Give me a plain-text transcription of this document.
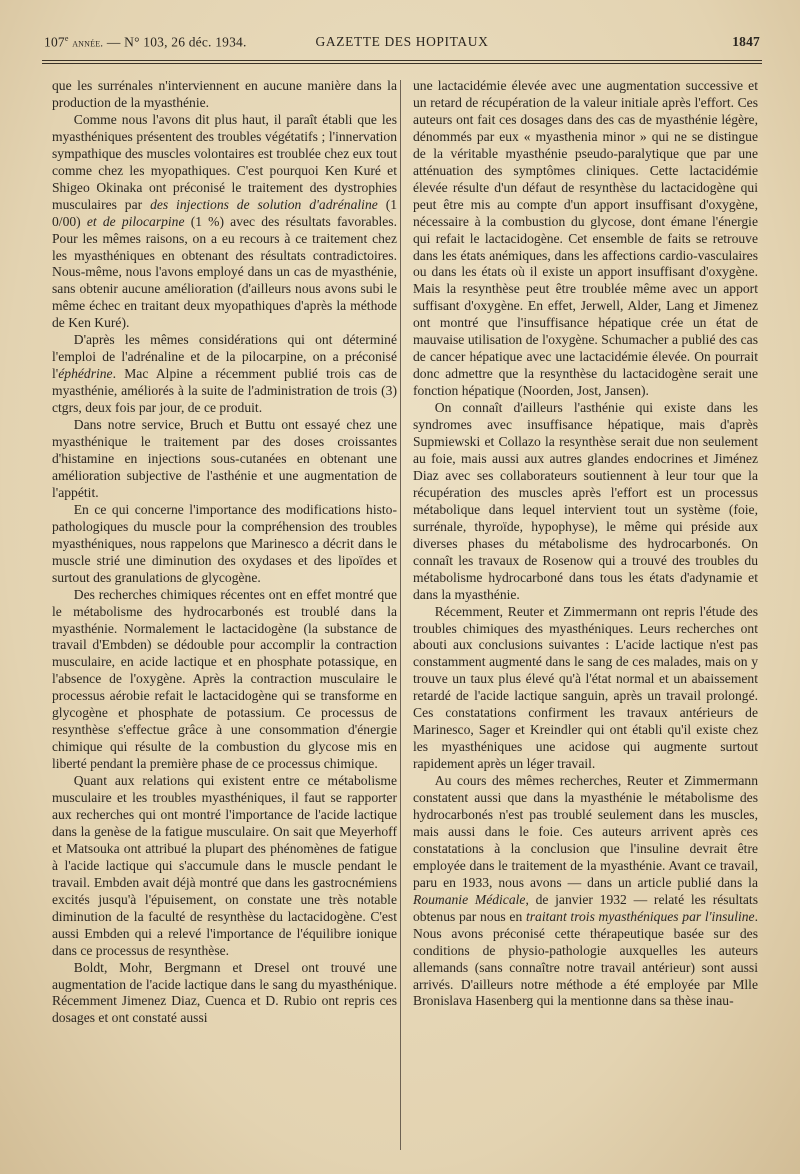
107e année. — N° 103, 26 déc. 1934.	GAZETTE DES HOPITAUX	1847

que les surrénales n'interviennent en aucune manière dans la production de la myasthénie.

Comme nous l'avons dit plus haut, il paraît établi que les myasthéniques présentent des troubles végétatifs ; l'innervation sympathique des muscles volontaires est troublée chez eux tout comme chez les myopathiques. C'est pourquoi Ken Kuré et Shigeo Okinaka ont préconisé le traitement des dystrophies musculaires par des injections de solution d'adrénaline (1 0/00) et de pilocarpine (1 %) avec des résultats favorables. Pour les mêmes raisons, on a eu recours à ce traitement chez les myasthéniques en obtenant des résultats contradictoires. Nous-même, nous l'avons employé dans un cas de myasthénie, sans obtenir aucune amélioration (d'ailleurs nous avons subi le même échec en traitant deux myopathiques d'après la méthode de Ken Kuré).

D'après les mêmes considérations qui ont déterminé l'emploi de l'adrénaline et de la pilocarpine, on a préconisé l'éphédrine. Mac Alpine a récemment publié trois cas de myasthénie, améliorés à la suite de l'administration de trois (3) ctgrs, deux fois par jour, de ce produit.

Dans notre service, Bruch et Buttu ont essayé chez une myasthénique le traitement par des doses croissantes d'histamine en injections sous-cutanées en obtenant une amélioration subjective de l'asthénie et une augmentation de l'appétit.

En ce qui concerne l'importance des modifications histo-pathologiques du muscle pour la compréhension des troubles myasthéniques, nous rappelons que Marinesco a décrit dans le muscle strié une diminution des oxydases et des lipoïdes et surtout des granulations de glycogène.

Des recherches chimiques récentes ont en effet montré que le métabolisme des hydrocarbonés est troublé dans la myasthénie. Normalement le lactacidogène (la substance de travail d'Embden) se dédouble pour accomplir la contraction musculaire, en acide lactique et en phosphate potassique, en l'absence de l'oxygène. Après la contraction musculaire le processus aérobie refait le lactacidogène qui se transforme en glycogène et phosphate de potassium. Ce processus de resynthèse s'effectue grâce à une consommation d'énergie chimique qui résulte de la combustion du glycose mis en liberté pendant la première phase de ce processus chimique.

Quant aux relations qui existent entre ce métabolisme musculaire et les troubles myasthéniques, il faut se rapporter aux recherches qui ont montré l'importance de l'acide lactique dans la genèse de la fatigue musculaire. On sait que Meyerhoff et Matsouka ont attribué la plupart des phénomènes de fatigue à l'acide lactique qui s'accumule dans le muscle pendant le travail. Embden avait déjà montré que dans les gastrocnémiens excités jusqu'à l'épuisement, on constate une très notable diminution de la faculté de resynthèse du lactacidogène. C'est aussi Embden qui a relevé l'importance de l'équilibre ionique dans ce processus de resynthèse.

Boldt, Mohr, Bergmann et Dresel ont trouvé une augmentation de l'acide lactique dans le sang du myasthénique. Récemment Jimenez Diaz, Cuenca et D. Rubio ont repris ces dosages et ont constaté aussi

une lactacidémie élevée avec une augmentation successive et un retard de récupération de la valeur initiale après l'effort. Ces auteurs ont fait ces dosages dans des cas de myasthénie légère, dénommés par eux « myasthenia minor » qui ne se distingue de la véritable myasthénie pseudo-paralytique que par une atténuation des symptômes cliniques. Cette lactacidémie élevée résulte d'un défaut de resynthèse du lactacidogène qui peut être mis au compte d'un apport insuffisant d'oxygène, nécessaire à la combustion du glycose, dont émane l'énergie qui refait le lactacidogène. Cet ensemble de faits se retrouve dans les états anémiques, dans les affections cardio-vasculaires ou dans les états où il existe un apport insuffisant d'oxygène. Mais la resynthèse peut être troublée même avec un apport suffisant d'oxygène. En effet, Jerwell, Alder, Lang et Jimenez ont montré que l'insuffisance hépatique crée un état de mauvaise utilisation de l'oxygène. Schumacher a publié des cas de cancer hépatique avec une lactacidémie élevée. On pourrait donc admettre que la resynthèse du lactacidogène serait une fonction hépatique (Noorden, Jost, Jansen).

On connaît d'ailleurs l'asthénie qui existe dans les syndromes avec insuffisance hépatique, mais d'après Supmiewski et Collazo la resynthèse serait due non seulement au foie, mais aussi aux autres glandes endocrines et Jiménez Diaz avec ses collaborateurs soutiennent à leur tour que la récupération des muscles après l'effort est un processus métabolique dans lequel intervient tout un système (foie, surrénale, thyroïde, hypophyse), le même qui préside aux diverses phases du métabolisme des hydrocarbonés. On connaît les travaux de Rosenow qui a trouvé des troubles du métabolisme hydrocarboné dans tous les états d'adynamie et dans la myasthénie.

Récemment, Reuter et Zimmermann ont repris l'étude des troubles chimiques des myasthéniques. Leurs recherches ont abouti aux conclusions suivantes : L'acide lactique n'est pas constamment augmenté dans le sang de ces malades, mais on y trouve un taux plus élevé qu'à l'état normal et un abaissement retardé de l'acide lactique sanguin, après un travail prolongé. Ces constatations confirment les travaux antérieurs de Marinesco, Sager et Kreindler qui ont établi qu'il existe chez les myasthéniques une acidose qui augmente surtout rapidement après un léger travail.

Au cours des mêmes recherches, Reuter et Zimmermann constatent aussi que dans la myasthénie le métabolisme des hydrocarbonés n'est pas troublé seulement dans les muscles, mais aussi dans le foie. Ces auteurs arrivent après ces constatations à la conclusion que l'insuline devrait être employée dans le traitement de la myasthénie. Avant ce travail, paru en 1933, nous avons — dans un article publié dans la Roumanie Médicale, de janvier 1932 — relaté les résultats obtenus par nous en traitant trois myasthéniques par l'insuline. Nous avons préconisé cette thérapeutique basée sur des conditions de physio-pathologie auxquelles les auteurs allemands (sans connaître notre travail antérieur) sont aussi arrivés. D'ailleurs notre méthode a été employée par Mlle Bronislava Hasenberg qui la mentionne dans sa thèse inau-
